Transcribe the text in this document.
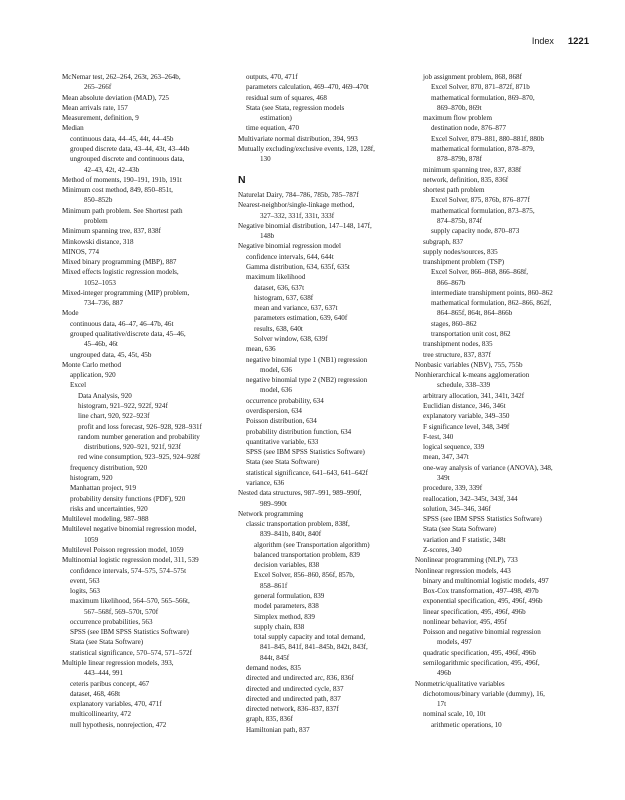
Index 1221
McNemar test, 262–264, 263t, 263–264b,
265–266f
Mean absolute deviation (MAD), 725
Mean arrivals rate, 157
Measurement, definition, 9
Median
continuous data, 44–45, 44t, 44–45b
grouped discrete data, 43–44, 43t, 43–44b
ungrouped discrete and continuous data,
42–43, 42t, 42–43b
Method of moments, 190–191, 191b, 191t
Minimum cost method, 849, 850–851t,
850–852b
Minimum path problem. See Shortest path
problem
Minimum spanning tree, 837, 838f
Minkowski distance, 318
MINOS, 774
Mixed binary programming (MBP), 887
Mixed effects logistic regression models,
1052–1053
Mixed-integer programming (MIP) problem,
734–736, 887
Mode
continuous data, 46–47, 46–47b, 46t
grouped qualitative/discrete data, 45–46,
45–46b, 46t
ungrouped data, 45, 45t, 45b
Monte Carlo method
application, 920
Excel
Data Analysis, 920
histogram, 921–922, 922f, 924f
line chart, 920, 922–923f
profit and loss forecast, 926–928, 928–931f
random number generation and probability
distributions, 920–921, 921f, 923f
red wine consumption, 923–925, 924–928f
frequency distribution, 920
histogram, 920
Manhattan project, 919
probability density functions (PDF), 920
risks and uncertainties, 920
Multilevel modeling, 987–988
Multilevel negative binomial regression model,
1059
Multilevel Poisson regression model, 1059
Multinomial logistic regression model, 311, 539
confidence intervals, 574–575, 574–575t
event, 563
logits, 563
maximum likelihood, 564–570, 565–566t,
567–568f, 569–570t, 570f
occurrence probabilities, 563
SPSS (see IBM SPSS Statistics Software)
Stata (see Stata Software)
statistical significance, 570–574, 571–572f
Multiple linear regression models, 393,
443–444, 991
ceteris paribus concept, 467
dataset, 468, 468t
explanatory variables, 470, 471f
multicollinearity, 472
null hypothesis, nonrejection, 472
outputs, 470, 471f
parameters calculation, 469–470, 469–470t
residual sum of squares, 468
Stata (see Stata, regression models
estimation)
time equation, 470
Multivariate normal distribution, 394, 993
Mutually excluding/exclusive events, 128, 128f,
130
N
Naturelat Dairy, 784–786, 785b, 785–787f
Nearest-neighbor/single-linkage method,
327–332, 331f, 331t, 333f
Negative binomial distribution, 147–148, 147f,
148b
Negative binomial regression model
confidence intervals, 644, 644t
Gamma distribution, 634, 635f, 635t
maximum likelihood
dataset, 636, 637t
histogram, 637, 638f
mean and variance, 637, 637t
parameters estimation, 639, 640f
results, 638, 640t
Solver window, 638, 639f
mean, 636
negative binomial type 1 (NB1) regression
model, 636
negative binomial type 2 (NB2) regression
model, 636
occurrence probability, 634
overdispersion, 634
Poisson distribution, 634
probability distribution function, 634
quantitative variable, 633
SPSS (see IBM SPSS Statistics Software)
Stata (see Stata Software)
statistical significance, 641–643, 641–642f
variance, 636
Nested data structures, 987–991, 989–990f,
989–990t
Network programming
classic transportation problem, 838f,
839–841b, 840t, 840f
algorithm (see Transportation algorithm)
balanced transportation problem, 839
decision variables, 838
Excel Solver, 856–860, 856f, 857b,
858–861f
general formulation, 839
model parameters, 838
Simplex method, 839
supply chain, 838
total supply capacity and total demand,
841–845, 841f, 841–845b, 842t, 843f,
844t, 845f
demand nodes, 835
directed and undirected arc, 836, 836f
directed and undirected cycle, 837
directed and undirected path, 837
directed network, 836–837, 837f
graph, 835, 836f
Hamiltonian path, 837
job assignment problem, 868, 868f
Excel Solver, 870, 871–872f, 871b
mathematical formulation, 869–870,
869–870b, 869t
maximum flow problem
destination node, 876–877
Excel Solver, 879–881, 880–881f, 880b
mathematical formulation, 878–879,
878–879b, 878f
minimum spanning tree, 837, 838f
network, definition, 835, 836f
shortest path problem
Excel Solver, 875, 876b, 876–877f
mathematical formulation, 873–875,
874–875b, 874f
supply capacity node, 870–873
subgraph, 837
supply nodes/sources, 835
transhipment problem (TSP)
Excel Solver, 866–868, 866–868f,
866–867b
intermediate transhipment points, 860–862
mathematical formulation, 862–866, 862f,
864–865f, 864t, 864–866b
stages, 860–862
transportation unit cost, 862
transhipment nodes, 835
tree structure, 837, 837f
Nonbasic variables (NBV), 755, 755b
Nonhierarchical k-means agglomeration
schedule, 338–339
arbitrary allocation, 341, 341t, 342f
Euclidian distance, 346, 346t
explanatory variable, 349–350
F significance level, 348, 349f
F-test, 340
logical sequence, 339
mean, 347, 347t
one-way analysis of variance (ANOVA), 348,
349t
procedure, 339, 339f
reallocation, 342–345t, 343f, 344
solution, 345–346, 346f
SPSS (see IBM SPSS Statistics Software)
Stata (see Stata Software)
variation and F statistic, 348t
Z-scores, 340
Nonlinear programming (NLP), 733
Nonlinear regression models, 443
binary and multinomial logistic models, 497
Box-Cox transformation, 497–498, 497b
exponential specification, 495, 496f, 496b
linear specification, 495, 496f, 496b
nonlinear behavior, 495, 495f
Poisson and negative binomial regression
models, 497
quadratic specification, 495, 496f, 496b
semilogarithmic specification, 495, 496f,
496b
Nonmetric/qualitative variables
dichotomous/binary variable (dummy), 16,
17t
nominal scale, 10, 10t
arithmetic operations, 10
